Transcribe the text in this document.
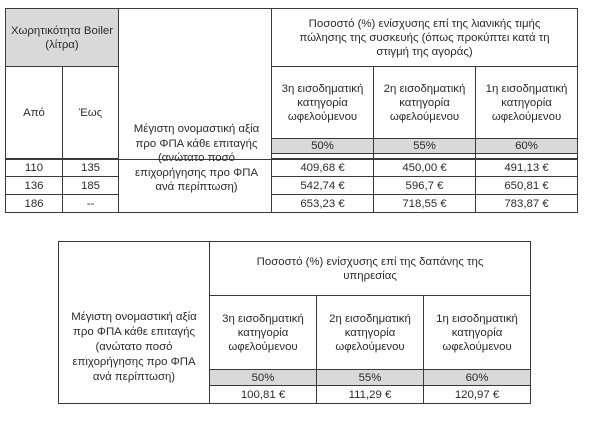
Χωρητικότητα Boiler (λίτρα)			Ποσοστό (%) ενίσχυσης επί της λιανικής τιμής πώλησης της συσκευής (όπως προκύπτει κατά τη στιγμή της αγοράς)		
Από	Έως		3η εισοδηματική κατηγορία ωφελούμενου	2η εισοδηματική κατηγορία ωφελούμενου	1η εισοδηματική κατηγορία ωφελούμενου
			50%	55%	60%

Μέγιστη ονομαστική αξία προ ΦΠΑ κάθε επιταγής (ανώτατο ποσό επιχορήγησης προ ΦΠΑ ανά περίπτωση)
110	135		409,68 €	450,00 €	491,13 €
136	185		542,74 €	596,7 €	650,81 €
186	--		653,23 €	718,55 €	783,87 €
Μέγιστη ονομαστική αξία προ ΦΠΑ κάθε επιταγής (ανώτατο ποσό επιχορήγησης προ ΦΠΑ ανά περίπτωση)	Ποσοστό (%) ενίσχυσης επί της δαπάνης της υπηρεσίας		
	3η εισοδηματική κατηγορία ωφελούμενου	2η εισοδηματική κατηγορία ωφελούμενου	1η εισοδηματική κατηγορία ωφελούμενου
	50%	55%	60%
	100,81 €	111,29 €	120,97 €
